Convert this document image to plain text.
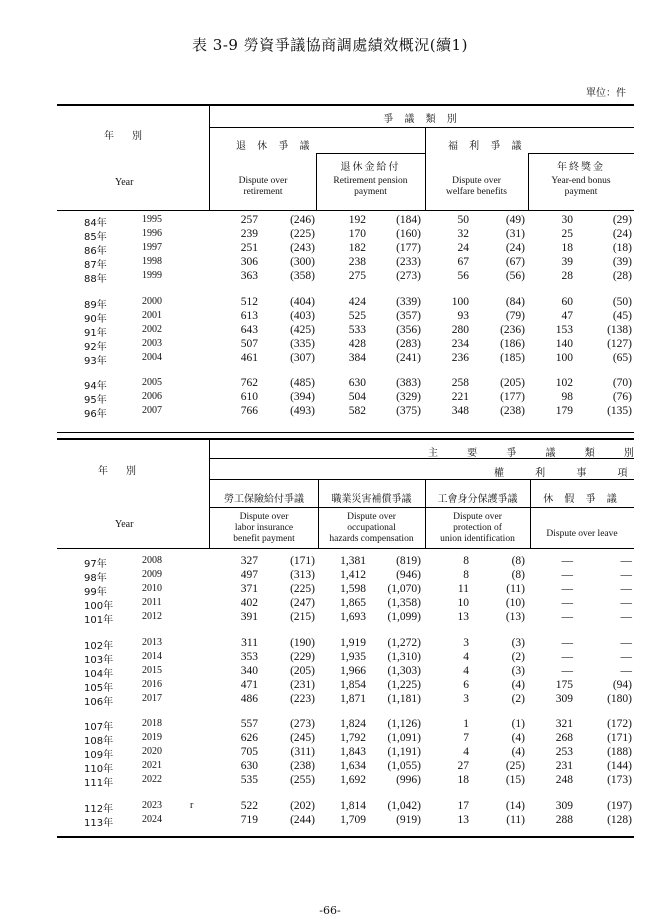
表 3-9 勞資爭議協商調處績效概況(續1)
單位：件
年　別
Year
爭 議 類 別
退 休 爭 議
Dispute over
retirement
退休金給付
Retirement pension
payment
福 利 爭 議
Dispute over
welfare benefits
年終獎金
Year-end bonus
payment
84年	1995	257	(246)	192	(184)	50	(49)	30	(29)
85年	1996	239	(225)	170	(160)	32	(31)	25	(24)
86年	1997	251	(243)	182	(177)	24	(24)	18	(18)
87年	1998	306	(300)	238	(233)	67	(67)	39	(39)
88年	1999	363	(358)	275	(273)	56	(56)	28	(28)
89年	2000	512	(404)	424	(339)	100	(84)	60	(50)
90年	2001	613	(403)	525	(357)	93	(79)	47	(45)
91年	2002	643	(425)	533	(356)	280	(236)	153	(138)
92年	2003	507	(335)	428	(283)	234	(186)	140	(127)
93年	2004	461	(307)	384	(241)	236	(185)	100	(65)
94年	2005	762	(485)	630	(383)	258	(205)	102	(70)
95年	2006	610	(394)	504	(329)	221	(177)	98	(76)
96年	2007	766	(493)	582	(375)	348	(238)	179	(135)
年　別
Year
主 要 爭 議 類 別
權 利 事 項
勞工保險給付爭議
Dispute over
labor insurance
benefit payment
職業災害補償爭議
Dispute over
occupational
hazards compensation
工會身分保護爭議
Dispute over
protection of
union identification
休 假 爭 議
Dispute over leave
97年	2008	327	(171)	1,381	(819)	8	(8)	—	—
98年	2009	497	(313)	1,412	(946)	8	(8)	—	—
99年	2010	371	(225)	1,598	(1,070)	11	(11)	—	—
100年	2011	402	(247)	1,865	(1,358)	10	(10)	—	—
101年	2012	391	(215)	1,693	(1,099)	13	(13)	—	—
102年	2013	311	(190)	1,919	(1,272)	3	(3)	—	—
103年	2014	353	(229)	1,935	(1,310)	4	(2)	—	—
104年	2015	340	(205)	1,966	(1,303)	4	(3)	—	—
105年	2016	471	(231)	1,854	(1,225)	6	(4)	175	(94)
106年	2017	486	(223)	1,871	(1,181)	3	(2)	309	(180)
107年	2018	557	(273)	1,824	(1,126)	1	(1)	321	(172)
108年	2019	626	(245)	1,792	(1,091)	7	(4)	268	(171)
109年	2020	705	(311)	1,843	(1,191)	4	(4)	253	(188)
110年	2021	630	(238)	1,634	(1,055)	27	(25)	231	(144)
111年	2022	535	(255)	1,692	(996)	18	(15)	248	(173)
112年	2023	r	522	(202)	1,814	(1,042)	17	(14)	309	(197)
113年	2024	719	(244)	1,709	(919)	13	(11)	288	(128)
-66-
